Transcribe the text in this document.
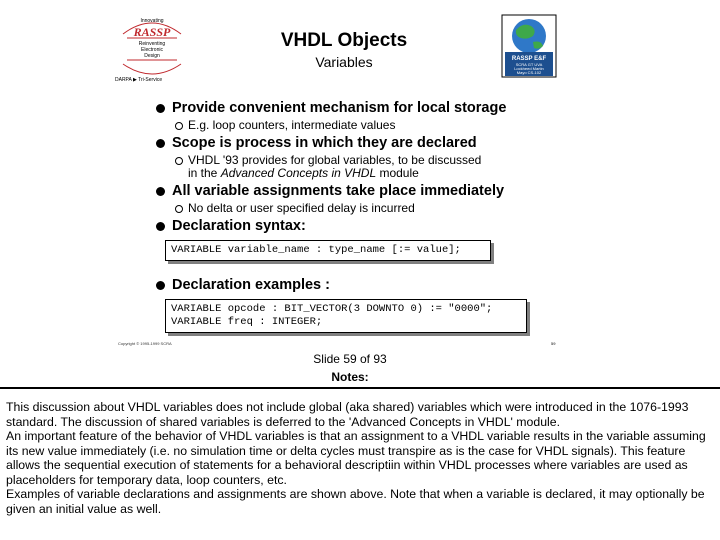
Innovating
RASSP
Reinventing
Electronic
Design
DARPA ▶ Tri-Service
VHDL Objects
Variables	RASSP E&F
SCRA GT UVA
Lockheed Martin
Mayo CS-102
Provide convenient mechanism for local storage
E.g. loop counters, intermediate values
Scope is process in which they are declared
VHDL '93 provides for global variables, to be discussed
in the Advanced Concepts in VHDL module
All variable assignments take place immediately
No delta or user specified delay is incurred
Declaration syntax:
VARIABLE variable_name : type_name [:= value];
Declaration examples :
VARIABLE opcode : BIT_VECTOR(3 DOWNTO 0) := "0000";
VARIABLE freq : INTEGER;
Copyright © 1995-1999 SCRA	59
Slide 59 of 93
Notes:

This discussion about VHDL variables does not include global (aka shared) variables which were introduced in the 1076-1993 standard. The discussion of shared variables is deferred to the 'Advanced Concepts in VHDL' module.

An important feature of the behavior of VHDL variables is that an assignment to a VHDL variable results in the variable assuming its new value immediately (i.e. no simulation time or delta cycles must transpire as is the case for VHDL signals). This feature allows the sequential execution of statements for a behavioral descriptiin within VHDL processes where variables are used as placeholders for temporary data, loop counters, etc.

Examples of variable declarations and assignments are shown above. Note that when a variable is declared, it may optionally be given an initial value as well.
